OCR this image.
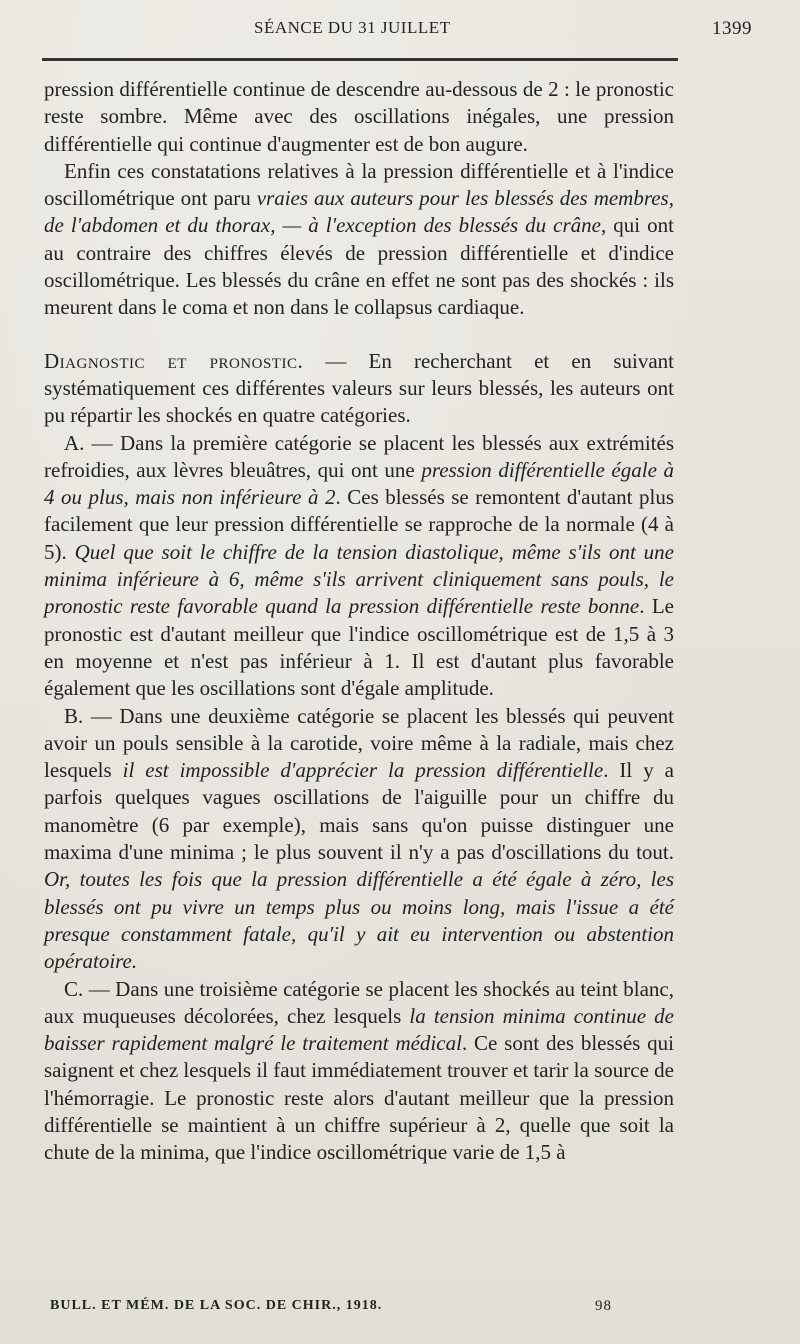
SÉANCE DU 31 JUILLET	1399

pression différentielle continue de descendre au-dessous de 2 : le pronostic reste sombre. Même avec des oscillations inégales, une pression différentielle qui continue d'augmenter est de bon augure.

Enfin ces constatations relatives à la pression différentielle et à l'indice oscillométrique ont paru vraies aux auteurs pour les blessés des membres, de l'abdomen et du thorax, — à l'exception des blessés du crâne, qui ont au contraire des chiffres élevés de pression différentielle et d'indice oscillométrique. Les blessés du crâne en effet ne sont pas des shockés : ils meurent dans le coma et non dans le collapsus cardiaque.

Diagnostic et pronostic. — En recherchant et en suivant systématiquement ces différentes valeurs sur leurs blessés, les auteurs ont pu répartir les shockés en quatre catégories.

A. — Dans la première catégorie se placent les blessés aux extrémités refroidies, aux lèvres bleuâtres, qui ont une pression différentielle égale à 4 ou plus, mais non inférieure à 2. Ces blessés se remontent d'autant plus facilement que leur pression différentielle se rapproche de la normale (4 à 5). Quel que soit le chiffre de la tension diastolique, même s'ils ont une minima inférieure à 6, même s'ils arrivent cliniquement sans pouls, le pronostic reste favorable quand la pression différentielle reste bonne. Le pronostic est d'autant meilleur que l'indice oscillométrique est de 1,5 à 3 en moyenne et n'est pas inférieur à 1. Il est d'autant plus favorable également que les oscillations sont d'égale amplitude.

B. — Dans une deuxième catégorie se placent les blessés qui peuvent avoir un pouls sensible à la carotide, voire même à la radiale, mais chez lesquels il est impossible d'apprécier la pression différentielle. Il y a parfois quelques vagues oscillations de l'aiguille pour un chiffre du manomètre (6 par exemple), mais sans qu'on puisse distinguer une maxima d'une minima ; le plus souvent il n'y a pas d'oscillations du tout. Or, toutes les fois que la pression différentielle a été égale à zéro, les blessés ont pu vivre un temps plus ou moins long, mais l'issue a été presque constamment fatale, qu'il y ait eu intervention ou abstention opératoire.

C. — Dans une troisième catégorie se placent les shockés au teint blanc, aux muqueuses décolorées, chez lesquels la tension minima continue de baisser rapidement malgré le traitement médical. Ce sont des blessés qui saignent et chez lesquels il faut immédiatement trouver et tarir la source de l'hémorragie. Le pronostic reste alors d'autant meilleur que la pression différentielle se maintient à un chiffre supérieur à 2, quelle que soit la chute de la minima, que l'indice oscillométrique varie de 1,5 à

BULL. ET MÉM. DE LA SOC. DE CHIR., 1918.	98
